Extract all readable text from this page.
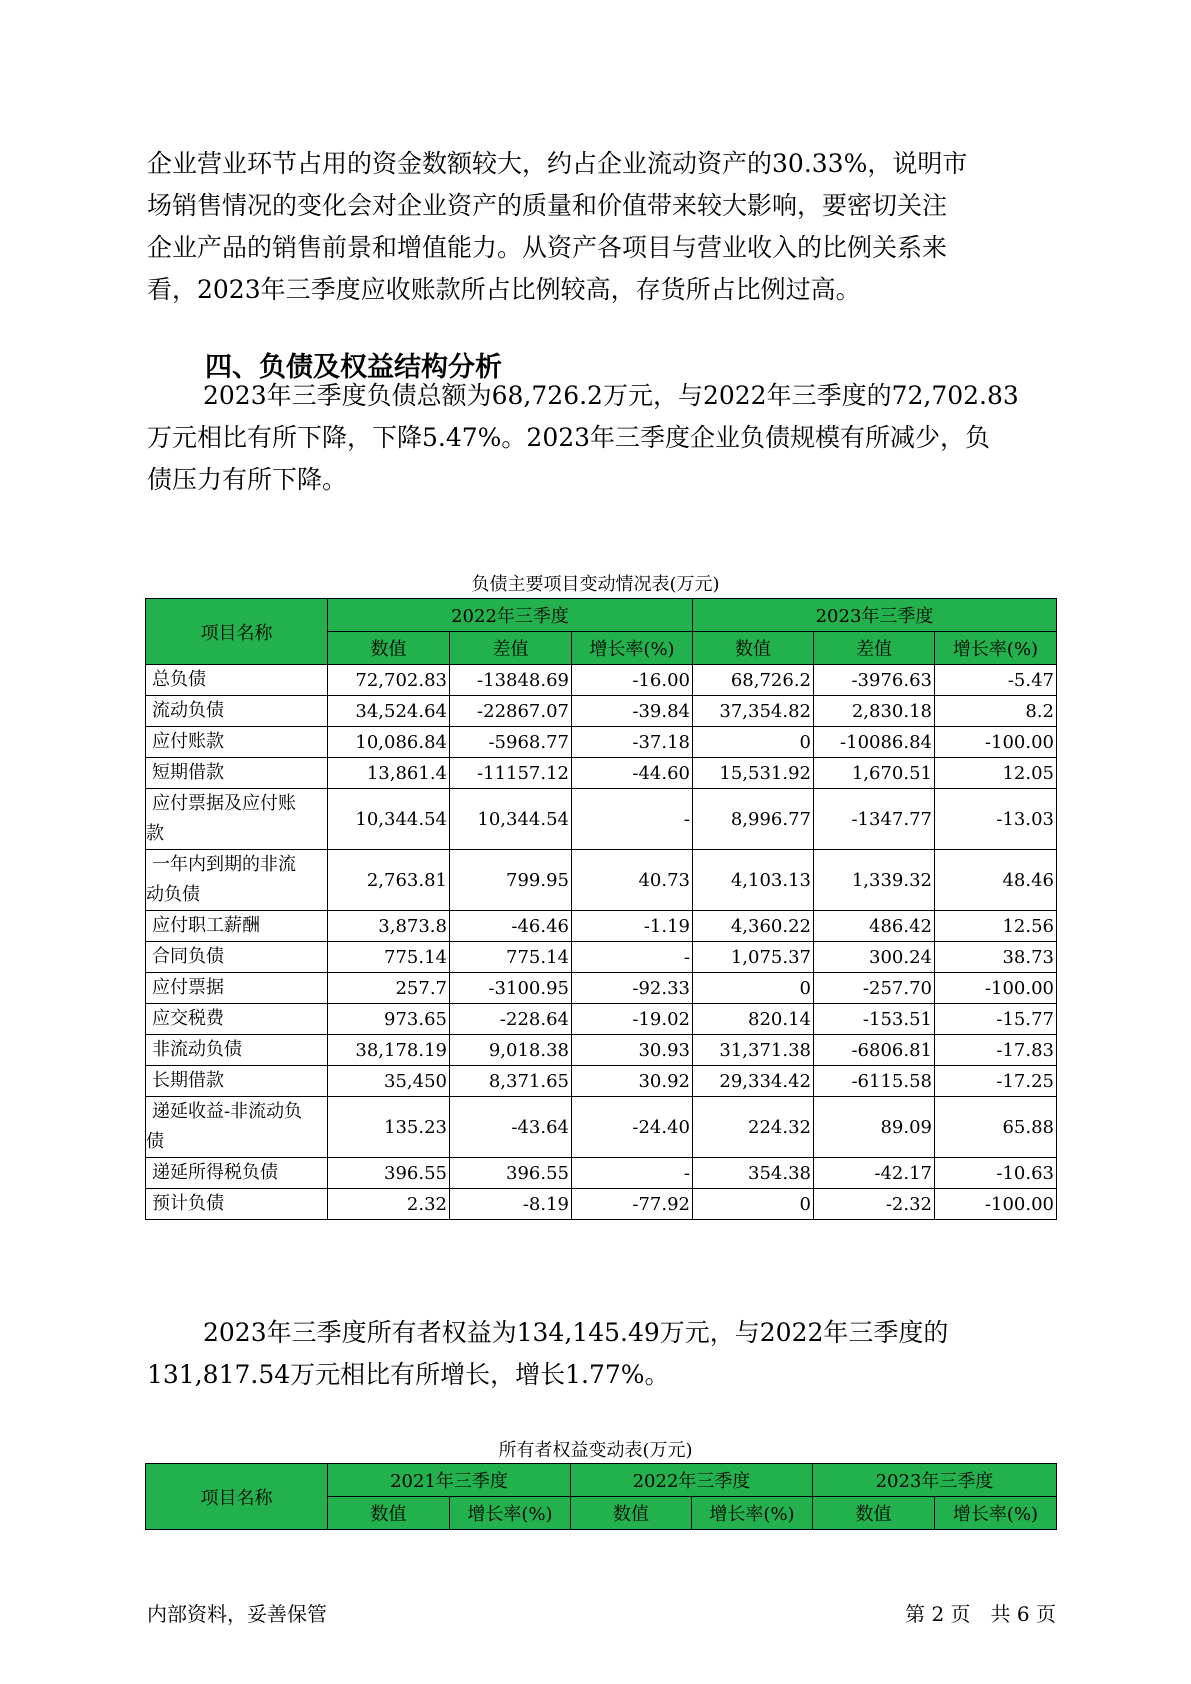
企业营业环节占用的资金数额较大，约占企业流动资产的30.33%，说明市
场销售情况的变化会对企业资产的质量和价值带来较大影响，要密切关注
企业产品的销售前景和增值能力。从资产各项目与营业收入的比例关系来
看，2023年三季度应收账款所占比例较高，存货所占比例过高。

四、负债及权益结构分析

2023年三季度负债总额为68,726.2万元，与2022年三季度的72,702.83
万元相比有所下降，下降5.47%。2023年三季度企业负债规模有所减少，负
债压力有所下降。

负债主要项目变动情况表(万元)
项目名称	2022年三季度			2023年三季度		
	数值	差值	增长率(%)	数值	差值	增长率(%)

总负债	72,702.83	-13848.69	-16.00	68,726.2	-3976.63	-5.47

流动负债	34,524.64	-22867.07	-39.84	37,354.82	2,830.18	8.2

应付账款	10,086.84	-5968.77	-37.18	0	-10086.84	-100.00

短期借款	13,861.4	-11157.12	-44.60	15,531.92	1,670.51	12.05

应付票据及应付账
款	10,344.54	10,344.54	-	8,996.77	-1347.77	-13.03

一年内到期的非流
动负债	2,763.81	799.95	40.73	4,103.13	1,339.32	48.46

应付职工薪酬	3,873.8	-46.46	-1.19	4,360.22	486.42	12.56

合同负债	775.14	775.14	-	1,075.37	300.24	38.73

应付票据	257.7	-3100.95	-92.33	0	-257.70	-100.00

应交税费	973.65	-228.64	-19.02	820.14	-153.51	-15.77

非流动负债	38,178.19	9,018.38	30.93	31,371.38	-6806.81	-17.83

长期借款	35,450	8,371.65	30.92	29,334.42	-6115.58	-17.25

递延收益-非流动负
债	135.23	-43.64	-24.40	224.32	89.09	65.88

递延所得税负债	396.55	396.55	-	354.38	-42.17	-10.63

预计负债	2.32	-8.19	-77.92	0	-2.32	-100.00

2023年三季度所有者权益为134,145.49万元，与2022年三季度的
131,817.54万元相比有所增长，增长1.77%。

所有者权益变动表(万元)
项目名称	2021年三季度		2022年三季度		2023年三季度	
	数值	增长率(%)	数值	增长率(%)	数值	增长率(%)
内部资料，妥善保管	第 2 页　共 6 页
